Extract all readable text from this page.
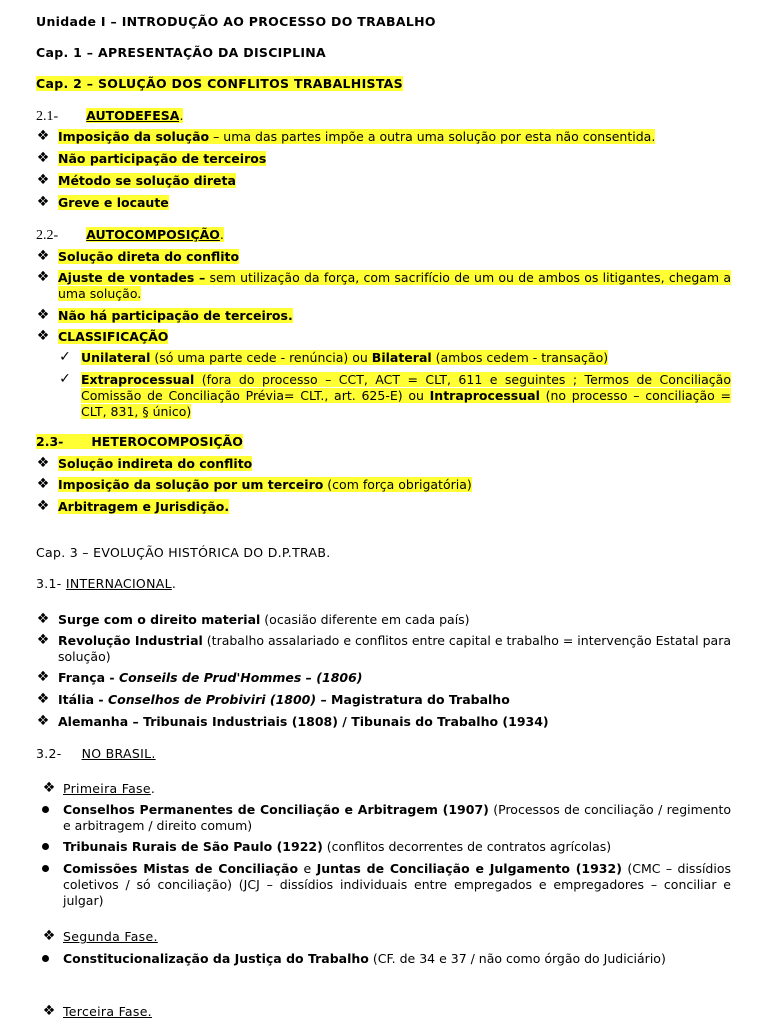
Unidade I – INTRODUÇÃO AO PROCESSO DO TRABALHO
Cap. 1 – APRESENTAÇÃO DA DISCIPLINA
Cap. 2 – SOLUÇÃO DOS CONFLITOS TRABALHISTAS
2.1- AUTODEFESA.
❖ Imposição da solução – uma das partes impõe a outra uma solução por esta não consentida.
❖ Não participação de terceiros
❖ Método se solução direta
❖ Greve e locaute
2.2- AUTOCOMPOSIÇÃO.
❖ Solução direta do conflito
❖ Ajuste de vontades – sem utilização da força, com sacrifício de um ou de ambos os litigantes, chegam a uma solução.
❖ Não há participação de terceiros.
❖ CLASSIFICAÇÃO
✓ Unilateral (só uma parte cede - renúncia) ou Bilateral (ambos cedem - transação)
✓ Extraprocessual (fora do processo – CCT, ACT = CLT, 611 e seguintes ; Termos de Conciliação Comissão de Conciliação Prévia= CLT., art. 625-E) ou Intraprocessual (no processo – conciliação = CLT, 831, § único)
2.3- HETEROCOMPOSIÇÃO
❖ Solução indireta do conflito
❖ Imposição da solução por um terceiro (com força obrigatória)
❖ Arbitragem e Jurisdição.
Cap. 3 – EVOLUÇÃO HISTÓRICA DO D.P.TRAB.
3.1- INTERNACIONAL.
❖ Surge com o direito material (ocasião diferente em cada país)
❖ Revolução Industrial (trabalho assalariado e conflitos entre capital e trabalho = intervenção Estatal para solução)
❖ França - Conseils de Prud'Hommes – (1806)
❖ Itália - Conselhos de Probiviri (1800) – Magistratura do Trabalho
❖ Alemanha – Tribunais Industriais (1808) / Tibunais do Trabalho (1934)
3.2- NO BRASIL.
❖ Primeira Fase.
Conselhos Permanentes de Conciliação e Arbitragem (1907) (Processos de conciliação / regimento e arbitragem / direito comum)
Tribunais Rurais de São Paulo (1922) (conflitos decorrentes de contratos agrícolas)
Comissões Mistas de Conciliação e Juntas de Conciliação e Julgamento (1932) (CMC – dissídios coletivos / só conciliação) (JCJ – dissídios individuais entre empregados e empregadores – conciliar e julgar)
❖ Segunda Fase.
Constitucionalização da Justiça do Trabalho (CF. de 34 e 37 / não como órgão do Judiciário)
❖ Terceira Fase.
